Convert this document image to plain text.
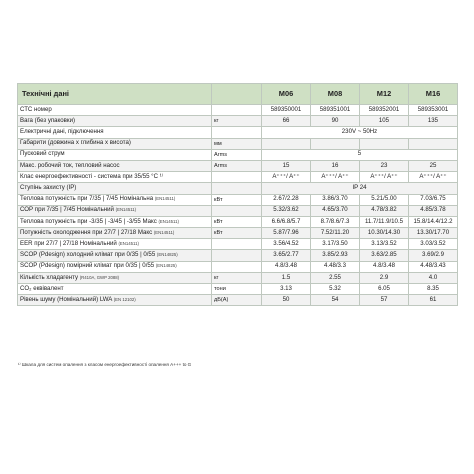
Технічні дані		M06	M08	M12	M16
СТС номер		589350001	589351001	589352001	589353001
Вага (без упаковки)	кг	66	90	105	135
Електричні дані, підключення		230V ~ 50Hz			
Габарити (довжина х глибина х висота)	мм				
Пусковий струм	Arms	5			
Макс. робочий ток, тепловий насос	Arms	15	16	23	25
Клас енергоефективності - система при 35/55 °C ¹⁾		A⁺⁺⁺/ A⁺⁺	A⁺⁺⁺/ A⁺⁺	A⁺⁺⁺/ A⁺⁺	A⁺⁺⁺/ A⁺⁺
Ступінь захисту (IP)		IP 24			
Теплова потужність при 7/35 | 7/45 Номінальна (EN14511)	кВт	2.67/2.28	3.86/3.70	5.21/5.00	7.03/6.75
СОР при 7/35 | 7/45 Номінальний (EN14511)		5.32/3.62	4.65/3.70	4.78/3.82	4.85/3.78
Теплова потужність при -3/35 | -3/45 | -3/55 Макс (EN14511)	кВт	6.6/6.8/5.7	8.7/8.6/7.3	11.7/11.9/10.5	15.8/14.4/12.2
Потужність охолодження при 27/7 | 27/18 Макс (EN14511)	кВт	5.87/7.96	7.52/11.20	10.30/14.30	13.30/17.70
EER при 27/7 | 27/18 Номінальний (EN14511)		3.56/4.52	3.17/3.50	3.13/3.52	3.03/3.52
SCOP (Pdesign) холодний клімат при 0/35 | 0/55 (EN14825)		3.65/2.77	3.85/2.93	3.63/2.85	3.69/2.9
SCOP (Pdesign) помірний клімат при 0/35 | 0/55 (EN14825)		4.8/3.48	4.48/3.3	4.8/3.48	4.48/3.43
Кількість хладагенту (R410A, GWP 2088)	кг	1.5	2.55	2.9	4.0
CO₂ еквівалент	тони	3.13	5.32	6.05	8.35
Рівень шуму (Номінальний) LWA (EN 12102)	дБ(A)	50	54	57	61
¹⁾ Шкала для систем опалення з класом енергоефективності опалення A+++ to G
